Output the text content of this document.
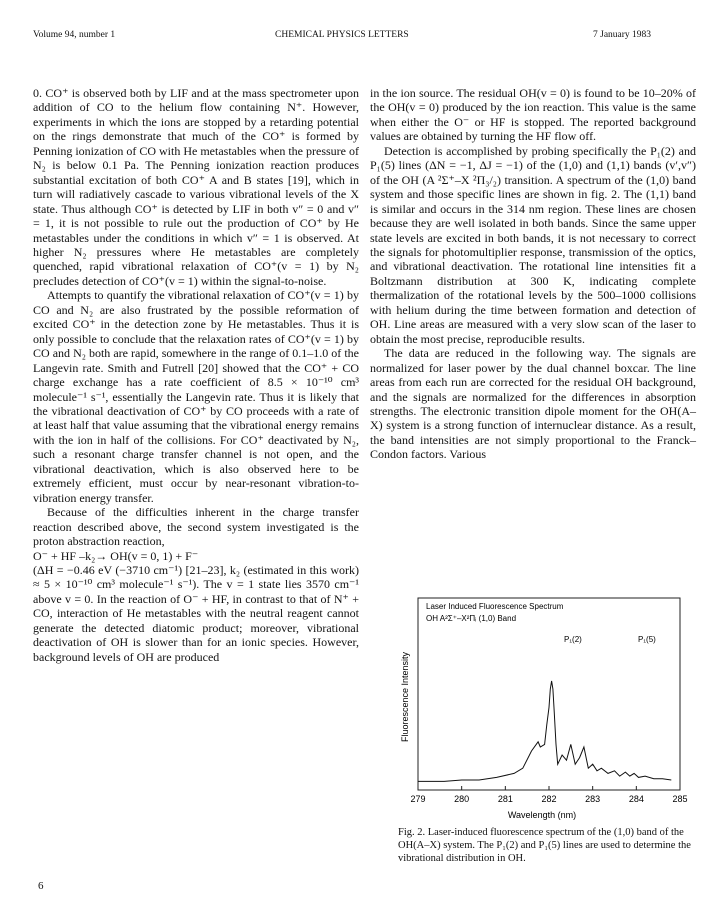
Volume 94, number 1	CHEMICAL PHYSICS LETTERS	7 January 1983

0. CO⁺ is observed both by LIF and at the mass spectrometer upon addition of CO to the helium flow containing N⁺. However, experiments in which the ions are stopped by a retarding potential on the rings demonstrate that much of the CO⁺ is formed by Penning ionization of CO with He metastables when the pressure of N₂ is below 0.1 Pa. The Penning ionization reaction produces substantial excitation of both CO⁺ A and B states [19], which in turn will radiatively cascade to various vibrational levels of the X state. Thus although CO⁺ is detected by LIF in both v″ = 0 and v″ = 1, it is not possible to rule out the production of CO⁺ by He metastables under the conditions in which v″ = 1 is observed. At higher N₂ pressures where He metastables are completely quenched, rapid vibrational relaxation of CO⁺(v = 1) by N₂ precludes detection of CO⁺(v = 1) within the signal-to-noise.

Attempts to quantify the vibrational relaxation of CO⁺(v = 1) by CO and N₂ are also frustrated by the possible reformation of excited CO⁺ in the detection zone by He metastables. Thus it is only possible to conclude that the relaxation rates of CO⁺(v = 1) by CO and N₂ both are rapid, somewhere in the range of 0.1–1.0 of the Langevin rate. Smith and Futrell [20] showed that the CO⁺ + CO charge exchange has a rate coefficient of 8.5 × 10⁻¹⁰ cm³ molecule⁻¹ s⁻¹, essentially the Langevin rate. Thus it is likely that the vibrational deactivation of CO⁺ by CO proceeds with a rate of at least half that value assuming that the vibrational energy remains with the ion in half of the collisions. For CO⁺ deactivated by N₂, such a resonant charge transfer channel is not open, and the vibrational deactivation, which is also observed here to be extremely efficient, must occur by near-resonant vibration-to-vibration energy transfer.

Because of the difficulties inherent in the charge transfer reaction described above, the second system investigated is the proton abstraction reaction,

O⁻ + HF –k₂→ OH(v = 0, 1) + F⁻

(ΔH = −0.46 eV (−3710 cm⁻¹) [21–23], k₂ (estimated in this work) ≈ 5 × 10⁻¹⁰ cm³ molecule⁻¹ s⁻¹). The v = 1 state lies 3570 cm⁻¹ above v = 0. In the reaction of O⁻ + HF, in contrast to that of N⁺ + CO, interaction of He metastables with the neutral reagent cannot generate the detected diatomic product; moreover, vibrational deactivation of OH is slower than for an ionic species. However, background levels of OH are produced

in the ion source. The residual OH(v = 0) is found to be 10–20% of the OH(v = 0) produced by the ion reaction. This value is the same when either the O⁻ or HF is stopped. The reported background values are obtained by turning the HF flow off.

Detection is accomplished by probing specifically the P₁(2) and P₁(5) lines (ΔN = −1, ΔJ = −1) of the (1,0) and (1,1) bands (v′,v″) of the OH (A ²Σ⁺–X ²Π₃/₂) transition. A spectrum of the (1,0) band system and those specific lines are shown in fig. 2. The (1,1) band is similar and occurs in the 314 nm region. These lines are chosen because they are well isolated in both bands. Since the same upper state levels are excited in both bands, it is not necessary to correct the signals for photomultiplier response, transmission of the optics, and vibrational deactivation. The rotational line intensities fit a Boltzmann distribution at 300 K, indicating complete thermalization of the rotational levels by the 500–1000 collisions with helium during the time between formation and detection of OH. Line areas are measured with a very slow scan of the laser to obtain the most precise, reproducible results.

The data are reduced in the following way. The signals are normalized for laser power by the dual channel boxcar. The line areas from each run are corrected for the residual OH background, and the signals are normalized for the differences in absorption strengths. The electronic transition dipole moment for the OH(A–X) system is a strong function of internuclear distance. As a result, the band intensities are not simply proportional to the Franck–Condon factors. Various

Laser Induced Fluorescence Spectrum
OH A²Σ⁺–X²Πᵢ (1,0) Band
Fluorescence Intensity
Wavelength (nm)
P₁(2)	P₁(5)
279	280	281	282	283	284	285
Fig. 2. Laser-induced fluorescence spectrum of the (1,0) band of the OH(A–X) system. The P₁(2) and P₁(5) lines are used to determine the vibrational distribution in OH.
6
